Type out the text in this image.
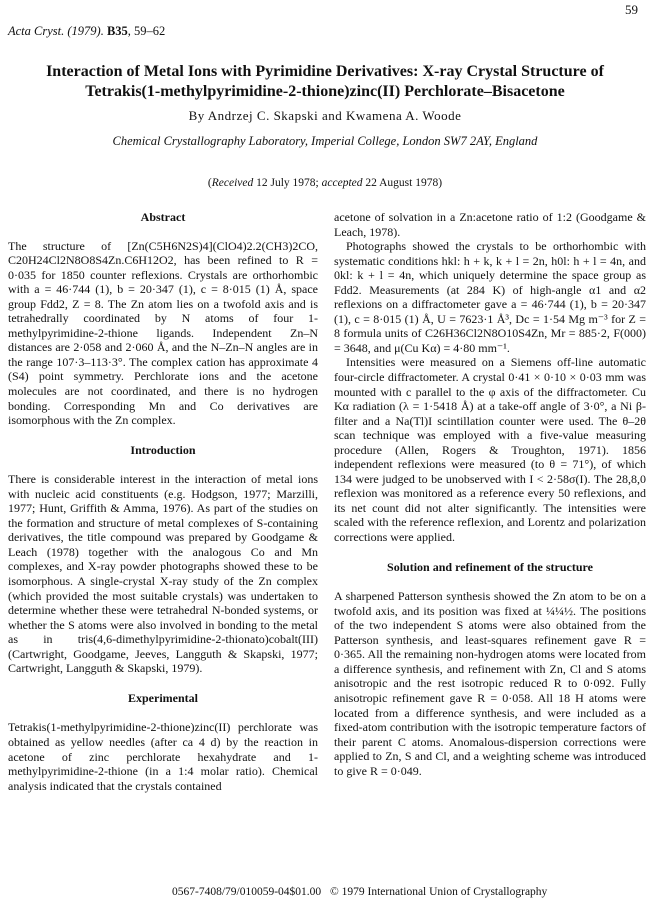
59
Acta Cryst. (1979). B35, 59–62
Interaction of Metal Ions with Pyrimidine Derivatives: X-ray Crystal Structure of
Tetrakis(1-methylpyrimidine-2-thione)zinc(II) Perchlorate–Bisacetone
By Andrzej C. Skapski and Kwamena A. Woode
Chemical Crystallography Laboratory, Imperial College, London SW7 2AY, England
(Received 12 July 1978; accepted 22 August 1978)
Abstract

The structure of [Zn(C5H6N2S)4](ClO4)2.2(CH3)2CO, C20H24Cl2N8O8S4Zn.C6H12O2, has been refined to R = 0·035 for 1850 counter reflexions. Crystals are orthorhombic with a = 46·744 (1), b = 20·347 (1), c = 8·015 (1) Å, space group Fdd2, Z = 8. The Zn atom lies on a twofold axis and is tetrahedrally coordinated by N atoms of four 1-methylpyrimidine-2-thione ligands. Independent Zn–N distances are 2·058 and 2·060 Å, and the N–Zn–N angles are in the range 107·3–113·3°. The complex cation has approximate 4 (S4) point symmetry. Perchlorate ions and the acetone molecules are not coordinated, and there is no hydrogen bonding. Corresponding Mn and Co derivatives are isomorphous with the Zn complex.

Introduction

There is considerable interest in the interaction of metal ions with nucleic acid constituents (e.g. Hodgson, 1977; Marzilli, 1977; Hunt, Griffith & Amma, 1976). As part of the studies on the formation and structure of metal complexes of S-containing derivatives, the title compound was prepared by Goodgame & Leach (1978) together with the analogous Co and Mn complexes, and X-ray powder photographs showed these to be isomorphous. A single-crystal X-ray study of the Zn complex (which provided the most suitable crystals) was undertaken to determine whether these were tetrahedral N-bonded systems, or whether the S atoms were also involved in bonding to the metal as in tris(4,6-dimethylpyrimidine-2-thionato)cobalt(III) (Cartwright, Goodgame, Jeeves, Langguth & Skapski, 1977; Cartwright, Langguth & Skapski, 1979).

Experimental

Tetrakis(1-methylpyrimidine-2-thione)zinc(II) perchlorate was obtained as yellow needles (after ca 4 d) by the reaction in acetone of zinc perchlorate hexahydrate and 1-methylpyrimidine-2-thione (in a 1:4 molar ratio). Chemical analysis indicated that the crystals contained

acetone of solvation in a Zn:acetone ratio of 1:2 (Goodgame & Leach, 1978).

Photographs showed the crystals to be orthorhombic with systematic conditions hkl: h + k, k + l = 2n, h0l: h + l = 4n, and 0kl: k + l = 4n, which uniquely determine the space group as Fdd2. Measurements (at 284 K) of high-angle α1 and α2 reflexions on a diffractometer gave a = 46·744 (1), b = 20·347 (1), c = 8·015 (1) Å, U = 7623·1 Å³, Dc = 1·54 Mg m⁻³ for Z = 8 formula units of C26H36Cl2N8O10S4Zn, Mr = 885·2, F(000) = 3648, and μ(Cu Kα) = 4·80 mm⁻¹.

Intensities were measured on a Siemens off-line automatic four-circle diffractometer. A crystal 0·41 × 0·10 × 0·03 mm was mounted with c parallel to the φ axis of the diffractometer. Cu Kα radiation (λ = 1·5418 Å) at a take-off angle of 3·0°, a Ni β-filter and a Na(Tl)I scintillation counter were used. The θ–2θ scan technique was employed with a five-value measuring procedure (Allen, Rogers & Troughton, 1971). 1856 independent reflexions were measured (to θ = 71°), of which 134 were judged to be unobserved with I < 2·58σ(I). The 28,8,0 reflexion was monitored as a reference every 50 reflexions, and its net count did not alter significantly. The intensities were scaled with the reference reflexion, and Lorentz and polarization corrections were applied.

Solution and refinement of the structure

A sharpened Patterson synthesis showed the Zn atom to be on a twofold axis, and its position was fixed at ¼¼½. The positions of the two independent S atoms were also obtained from the Patterson synthesis, and least-squares refinement gave R = 0·365. All the remaining non-hydrogen atoms were located from a difference synthesis, and refinement with Zn, Cl and S atoms anisotropic and the rest isotropic reduced R to 0·092. Fully anisotropic refinement gave R = 0·058. All 18 H atoms were located from a difference synthesis, and were included as a fixed-atom contribution with the isotropic temperature factors of their parent C atoms. Anomalous-dispersion corrections were applied to Zn, S and Cl, and a weighting scheme was introduced to give R = 0·049.

0567-7408/79/010059-04$01.00 © 1979 International Union of Crystallography
